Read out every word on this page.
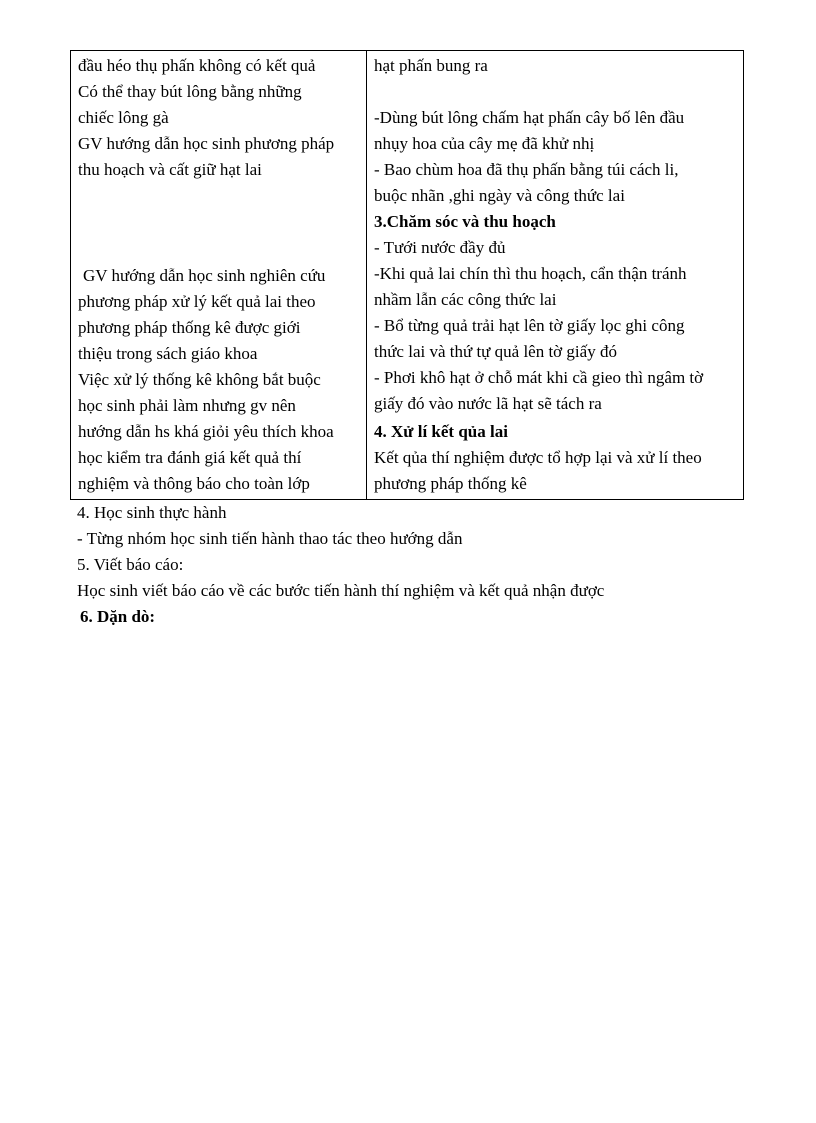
đầu héo thụ phấn không có kết quả
Có thể thay bút lông bằng những
chiếc lông gà
GV hướng dẫn học sinh phương pháp
thu hoạch và cất giữ hạt lai
GV hướng dẫn học sinh nghiên cứu
phương pháp xử lý kết quả lai theo
phương pháp thống kê được giới
thiệu trong sách giáo khoa
Việc xử lý thống kê không bắt buộc
học sinh phải làm nhưng gv nên
hướng dẫn hs khá giỏi yêu thích khoa
học kiểm tra đánh giá kết quả thí
nghiệm và thông báo cho toàn lớp
hạt phấn bung ra
-Dùng bút lông chấm hạt phấn cây bố lên đầu
nhụy hoa của cây mẹ đã khử nhị
- Bao chùm hoa đã thụ phấn bằng túi cách li,
buộc nhãn ,ghi ngày và công thức lai
3.Chăm sóc và thu hoạch
- Tưới nước đầy đủ
-Khi quả lai chín thì thu hoạch, cẩn thận tránh
nhầm lẫn các công thức lai
- Bổ từng quả trải hạt lên tờ giấy lọc ghi công
thức lai và thứ tự quả lên tờ giấy đó
- Phơi khô hạt ở chỗ mát khi cầ gieo thì ngâm tờ
giấy đó vào nước lã hạt sẽ tách ra
4. Xử lí kết qủa lai
Kết qủa thí nghiệm được tổ hợp lại và xử lí theo
phương pháp thống kê
4. Học sinh thực hành
- Từng nhóm học sinh tiến hành thao tác theo hướng dẫn
5. Viết báo cáo:
Học sinh viết báo cáo về các bước tiến hành thí nghiệm và kết quả nhận được
6. Dặn dò:
